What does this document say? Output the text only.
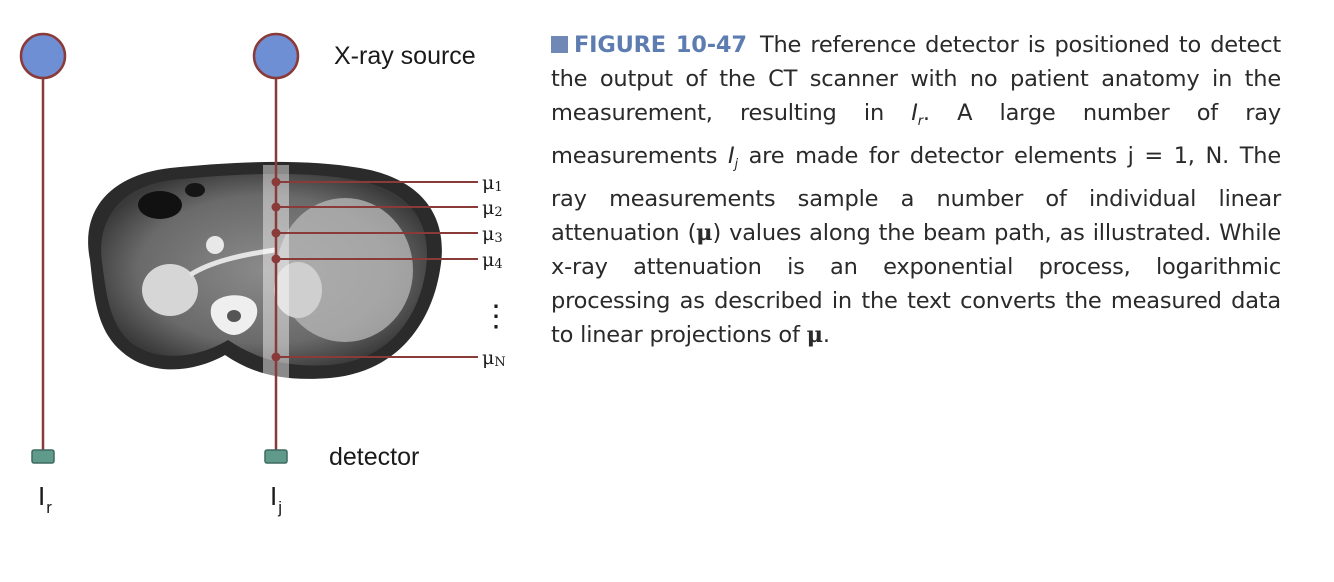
$I_r$	$I_j$
X-ray source
detector
μ1
μ2
μ3
μ4
⋮
μN
FIGURE 10-47 The reference detector is positioned to detect the output of the CT scanner with no patient anatomy in the measurement, resulting in $I_r$. A large number of ray measurements $I_j$ are made for detector elements j = 1, N. The ray measurements sample a number of individual linear attenuation (μ) values along the beam path, as illustrated. While x-ray attenuation is an exponential process, logarithmic processing as described in the text converts the measured data to linear projections of μ.
